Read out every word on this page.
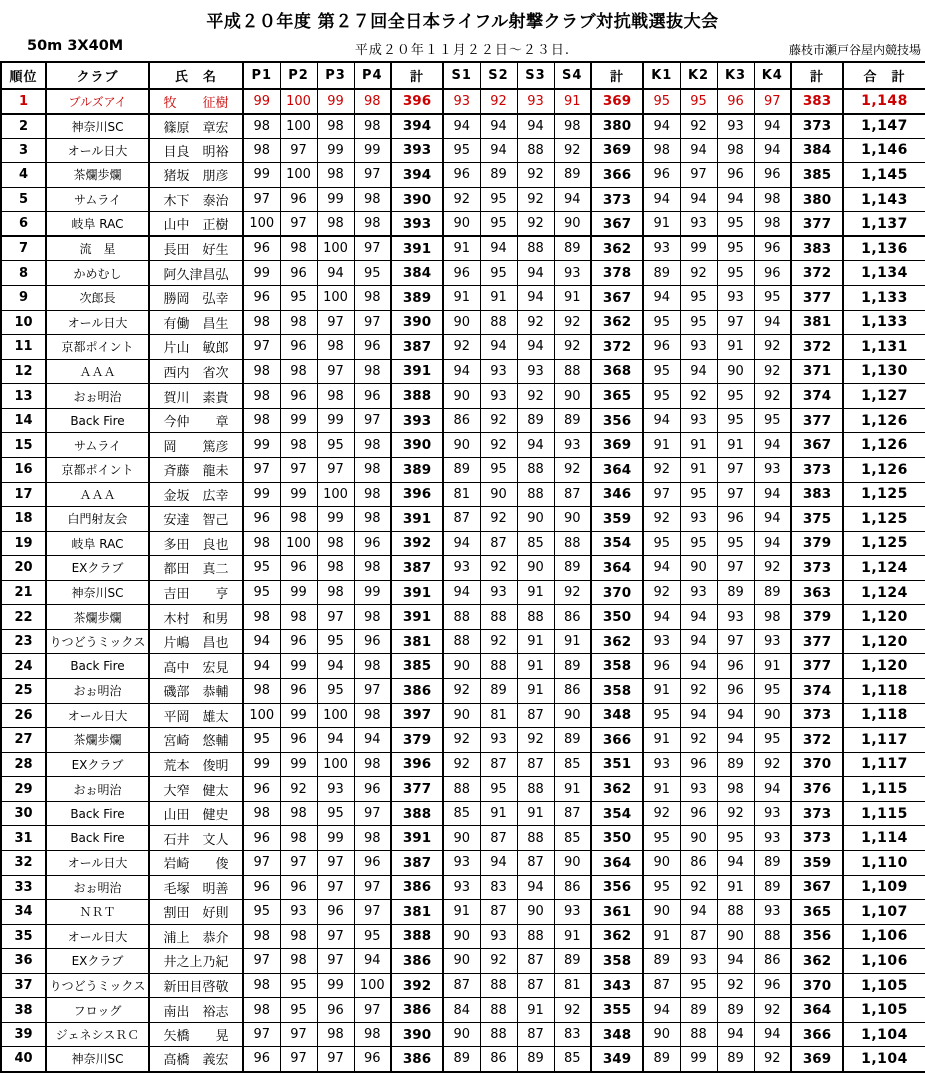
平成２０年度 第２７回全日本ライフル射撃クラブ対抗戦選抜大会
50m 3X40M	平成２０年１１月２２日～２３日.	藤枝市瀬戸谷屋内競技場
順位	クラブ	氏　名	P1	P2	P3	P4	計	S1	S2	S3	S4	計	K1	K2	K3	K4	計	合　計
1	ブルズアイ	牧　　征樹	99	100	99	98	396	93	92	93	91	369	95	95	96	97	383	1,148
2	神奈川SC	篠原　章宏	98	100	98	98	394	94	94	94	98	380	94	92	93	94	373	1,147
3	オール日大	目良　明裕	98	97	99	99	393	95	94	88	92	369	98	94	98	94	384	1,146
4	茶爛歩爛	猪坂　朋彦	99	100	98	97	394	96	89	92	89	366	96	97	96	96	385	1,145
5	サムライ	木下　泰治	97	96	99	98	390	92	95	92	94	373	94	94	94	98	380	1,143
6	岐阜 RAC	山中　正樹	100	97	98	98	393	90	95	92	90	367	91	93	95	98	377	1,137
7	流　星	長田　好生	96	98	100	97	391	91	94	88	89	362	93	99	95	96	383	1,136
8	かめむし	阿久津昌弘	99	96	94	95	384	96	95	94	93	378	89	92	95	96	372	1,134
9	次郎長	勝岡　弘幸	96	95	100	98	389	91	91	94	91	367	94	95	93	95	377	1,133
10	オール日大	有働　昌生	98	98	97	97	390	90	88	92	92	362	95	95	97	94	381	1,133
11	京都ポイント	片山　敏郎	97	96	98	96	387	92	94	94	92	372	96	93	91	92	372	1,131
12	ＡＡＡ	西内　省次	98	98	97	98	391	94	93	93	88	368	95	94	90	92	371	1,130
13	おぉ明治	賀川　素貴	98	96	98	96	388	90	93	92	90	365	95	92	95	92	374	1,127
14	Back Fire	今仲　　章	98	99	99	97	393	86	92	89	89	356	94	93	95	95	377	1,126
15	サムライ	岡　　篤彦	99	98	95	98	390	90	92	94	93	369	91	91	91	94	367	1,126
16	京都ポイント	斉藤　龍未	97	97	97	98	389	89	95	88	92	364	92	91	97	93	373	1,126
17	ＡＡＡ	金坂　広幸	99	99	100	98	396	81	90	88	87	346	97	95	97	94	383	1,125
18	白門射友会	安達　智己	96	98	99	98	391	87	92	90	90	359	92	93	96	94	375	1,125
19	岐阜 RAC	多田　良也	98	100	98	96	392	94	87	85	88	354	95	95	95	94	379	1,125
20	EXクラブ	都田　真二	95	96	98	98	387	93	92	90	89	364	94	90	97	92	373	1,124
21	神奈川SC	吉田　　亨	95	99	98	99	391	94	93	91	92	370	92	93	89	89	363	1,124
22	茶爛歩爛	木村　和男	98	98	97	98	391	88	88	88	86	350	94	94	93	98	379	1,120
23	りつどうミックス	片嶋　昌也	94	96	95	96	381	88	92	91	91	362	93	94	97	93	377	1,120
24	Back Fire	高中　宏見	94	99	94	98	385	90	88	91	89	358	96	94	96	91	377	1,120
25	おぉ明治	磯部　恭輔	98	96	95	97	386	92	89	91	86	358	91	92	96	95	374	1,118
26	オール日大	平岡　雄太	100	99	100	98	397	90	81	87	90	348	95	94	94	90	373	1,118
27	茶爛歩爛	宮崎　悠輔	95	96	94	94	379	92	93	92	89	366	91	92	94	95	372	1,117
28	EXクラブ	荒本　俊明	99	99	100	98	396	92	87	87	85	351	93	96	89	92	370	1,117
29	おぉ明治	大窄　健太	96	92	93	96	377	88	95	88	91	362	91	93	98	94	376	1,115
30	Back Fire	山田　健史	98	98	95	97	388	85	91	91	87	354	92	96	92	93	373	1,115
31	Back Fire	石井　文人	96	98	99	98	391	90	87	88	85	350	95	90	95	93	373	1,114
32	オール日大	岩崎　　俊	97	97	97	96	387	93	94	87	90	364	90	86	94	89	359	1,110
33	おぉ明治	毛塚　明善	96	96	97	97	386	93	83	94	86	356	95	92	91	89	367	1,109
34	ＮＲＴ	割田　好則	95	93	96	97	381	91	87	90	93	361	90	94	88	93	365	1,107
35	オール日大	浦上　恭介	98	98	97	95	388	90	93	88	91	362	91	87	90	88	356	1,106
36	EXクラブ	井之上乃紀	97	98	97	94	386	90	92	87	89	358	89	93	94	86	362	1,106
37	りつどうミックス	新田目啓敬	98	95	99	100	392	87	88	87	81	343	87	95	92	96	370	1,105
38	フロッグ	南出　裕志	98	95	96	97	386	84	88	91	92	355	94	89	89	92	364	1,105
39	ジェネシスＲＣ	矢橋　　晃	97	97	98	98	390	90	88	87	83	348	90	88	94	94	366	1,104
40	神奈川SC	高橋　義宏	96	97	97	96	386	89	86	89	85	349	89	99	89	92	369	1,104
